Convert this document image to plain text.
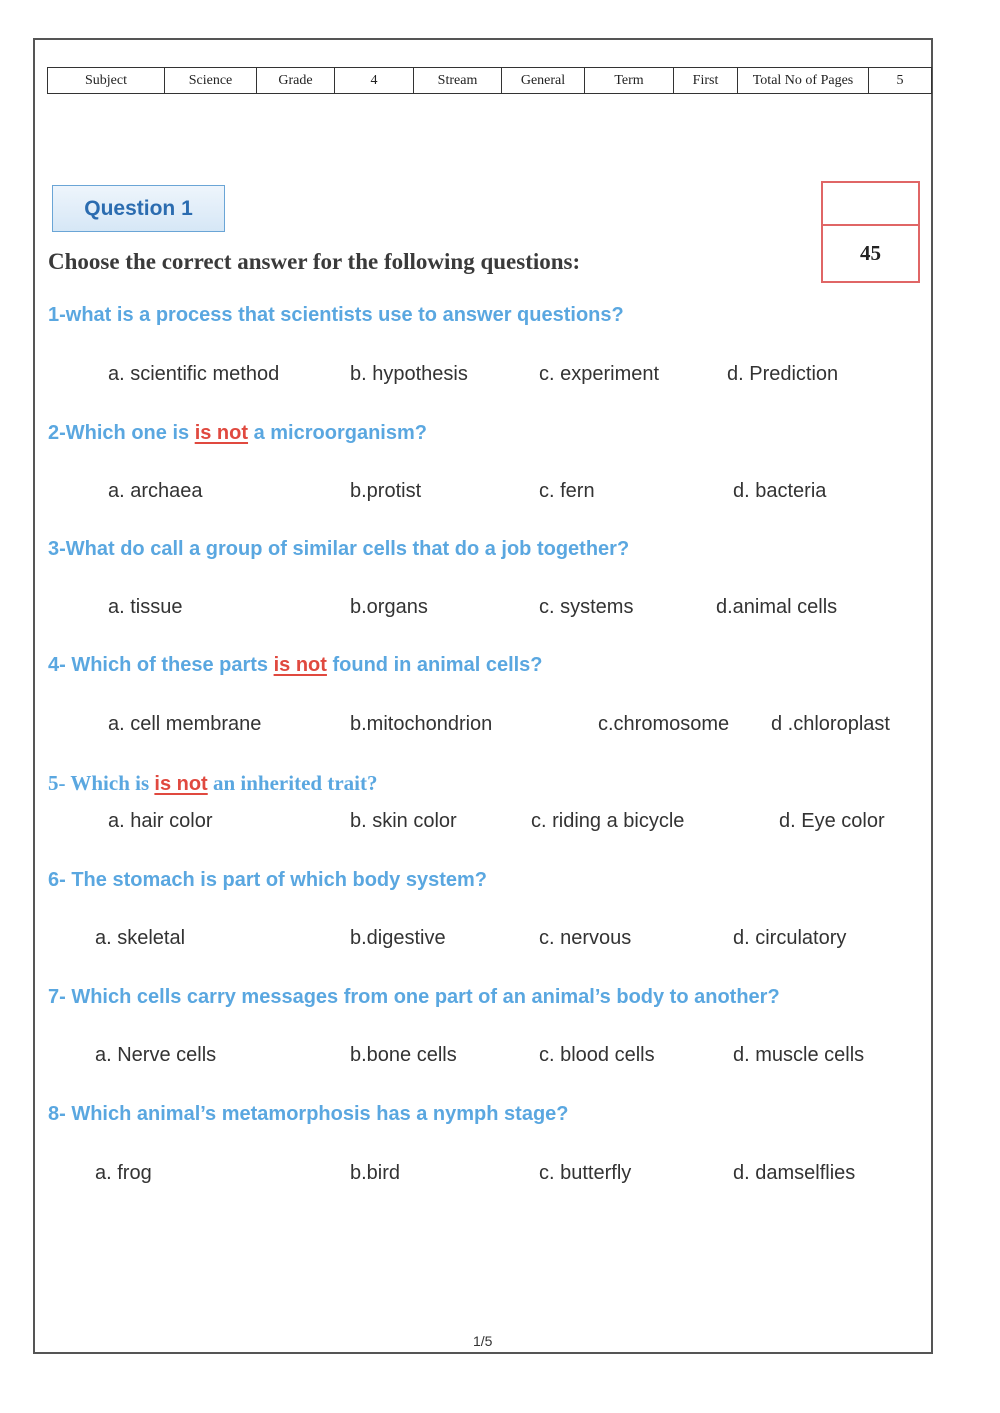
Subject	Science	Grade	4	Stream	General	Term	First	Total No of Pages	5
Question 1
45
Choose the correct answer for the following questions:
1-what is a process that scientists use to answer questions?
a. scientific method	b. hypothesis	c. experiment	d. Prediction
2-Which one is is not a microorganism?
a. archaea	b.protist	c. fern	d. bacteria
3-What do call a group of similar cells that do a job together?
a. tissue	b.organs	c. systems	d.animal cells
4- Which of these parts is not found in animal cells?
a. cell membrane	b.mitochondrion	c.chromosome d .chloroplast
5- Which is is not an inherited trait?
a. hair color	b. skin color	c. riding a bicycle	d. Eye color
6- The stomach is part of which body system?
a. skeletal	b.digestive	c. nervous	d. circulatory
7- Which cells carry messages from one part of an animal’s body to another?
a. Nerve cells	b.bone cells	c. blood cells	d. muscle cells
8- Which animal’s metamorphosis has a nymph stage?
a. frog	b.bird	c. butterfly	d. damselflies
1/5
